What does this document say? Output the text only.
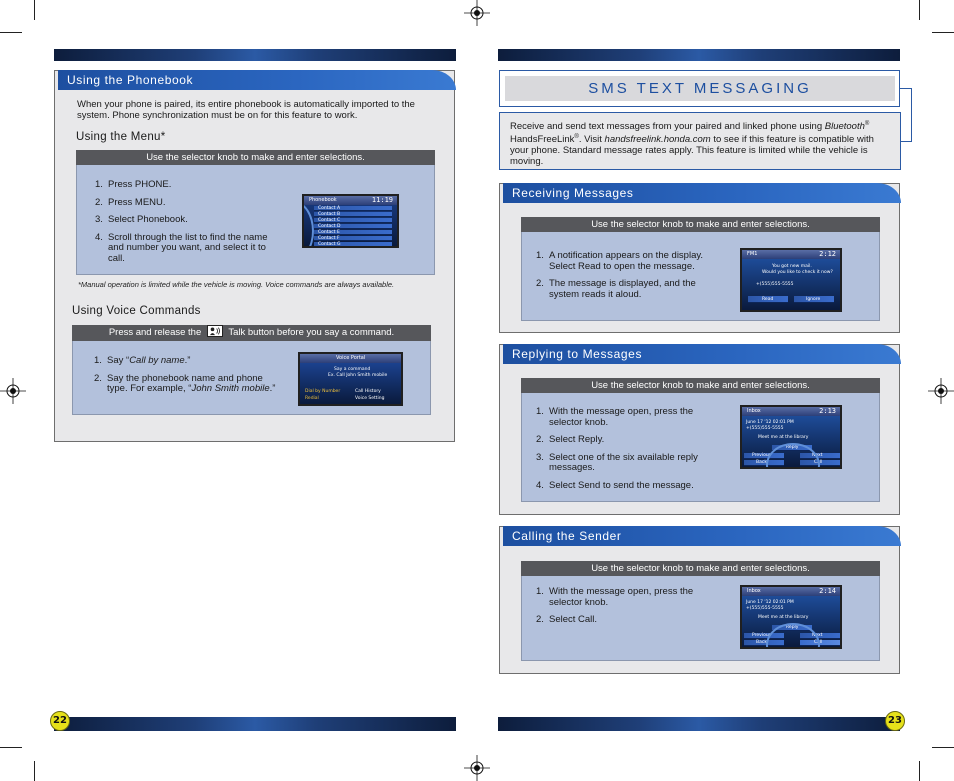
Using the Phonebook
When your phone is paired, its entire phonebook is automatically imported to the system. Phone synchronization must be on for this feature to work.
Using the Menu*
Use the selector knob to make and enter selections.
1. Press PHONE.
2. Press MENU.
3. Select Phonebook.
4. Scroll through the list to find the name and number you want, and select it to call.
Phonebook	11:19
Contact A
Contact B
Contact C
Contact D
Contact E
Contact F
Contact G
*Manual operation is limited while the vehicle is moving. Voice commands are always available.
Using Voice Commands
Press and release the	Talk button before you say a command.
1. Say “Call by name.”
2. Say the phonebook name and phone type. For example, “John Smith mobile.”
Voice Portal
Say a command
Ex. Call John Smith mobile
Dial by Number	Call History
Redial	Voice Setting
22
SMS TEXT MESSAGING
Receive and send text messages from your paired and linked phone using Bluetooth® HandsFreeLink®. Visit handsfreelink.honda.com to see if this feature is compatible with your phone. Standard message rates apply. This feature is limited while the vehicle is moving.
Receiving Messages
Use the selector knob to make and enter selections.
1. A notification appears on the display. Select Read to open the message.
2. The message is displayed, and the system reads it aloud.
FM1	2:12
You got new mail.
Would you like to check it now?
+(555)555-5555
Read	Ignore
Replying to Messages
Use the selector knob to make and enter selections.
1. With the message open, press the selector knob.
2. Select Reply.
3. Select one of the six available reply messages.
4. Select Send to send the message.
Inbox	2:13
June 17 '12 02:01 PM
+(555)555-5555
Meet me at the library
Reply
Previous	Next
Back	Call
Calling the Sender
Use the selector knob to make and enter selections.
1. With the message open, press the selector knob.
2. Select Call.
Inbox	2:14
June 17 '12 02:01 PM
+(555)555-5555
Meet me at the library
Reply
Previous	Next
Back	Call
23
